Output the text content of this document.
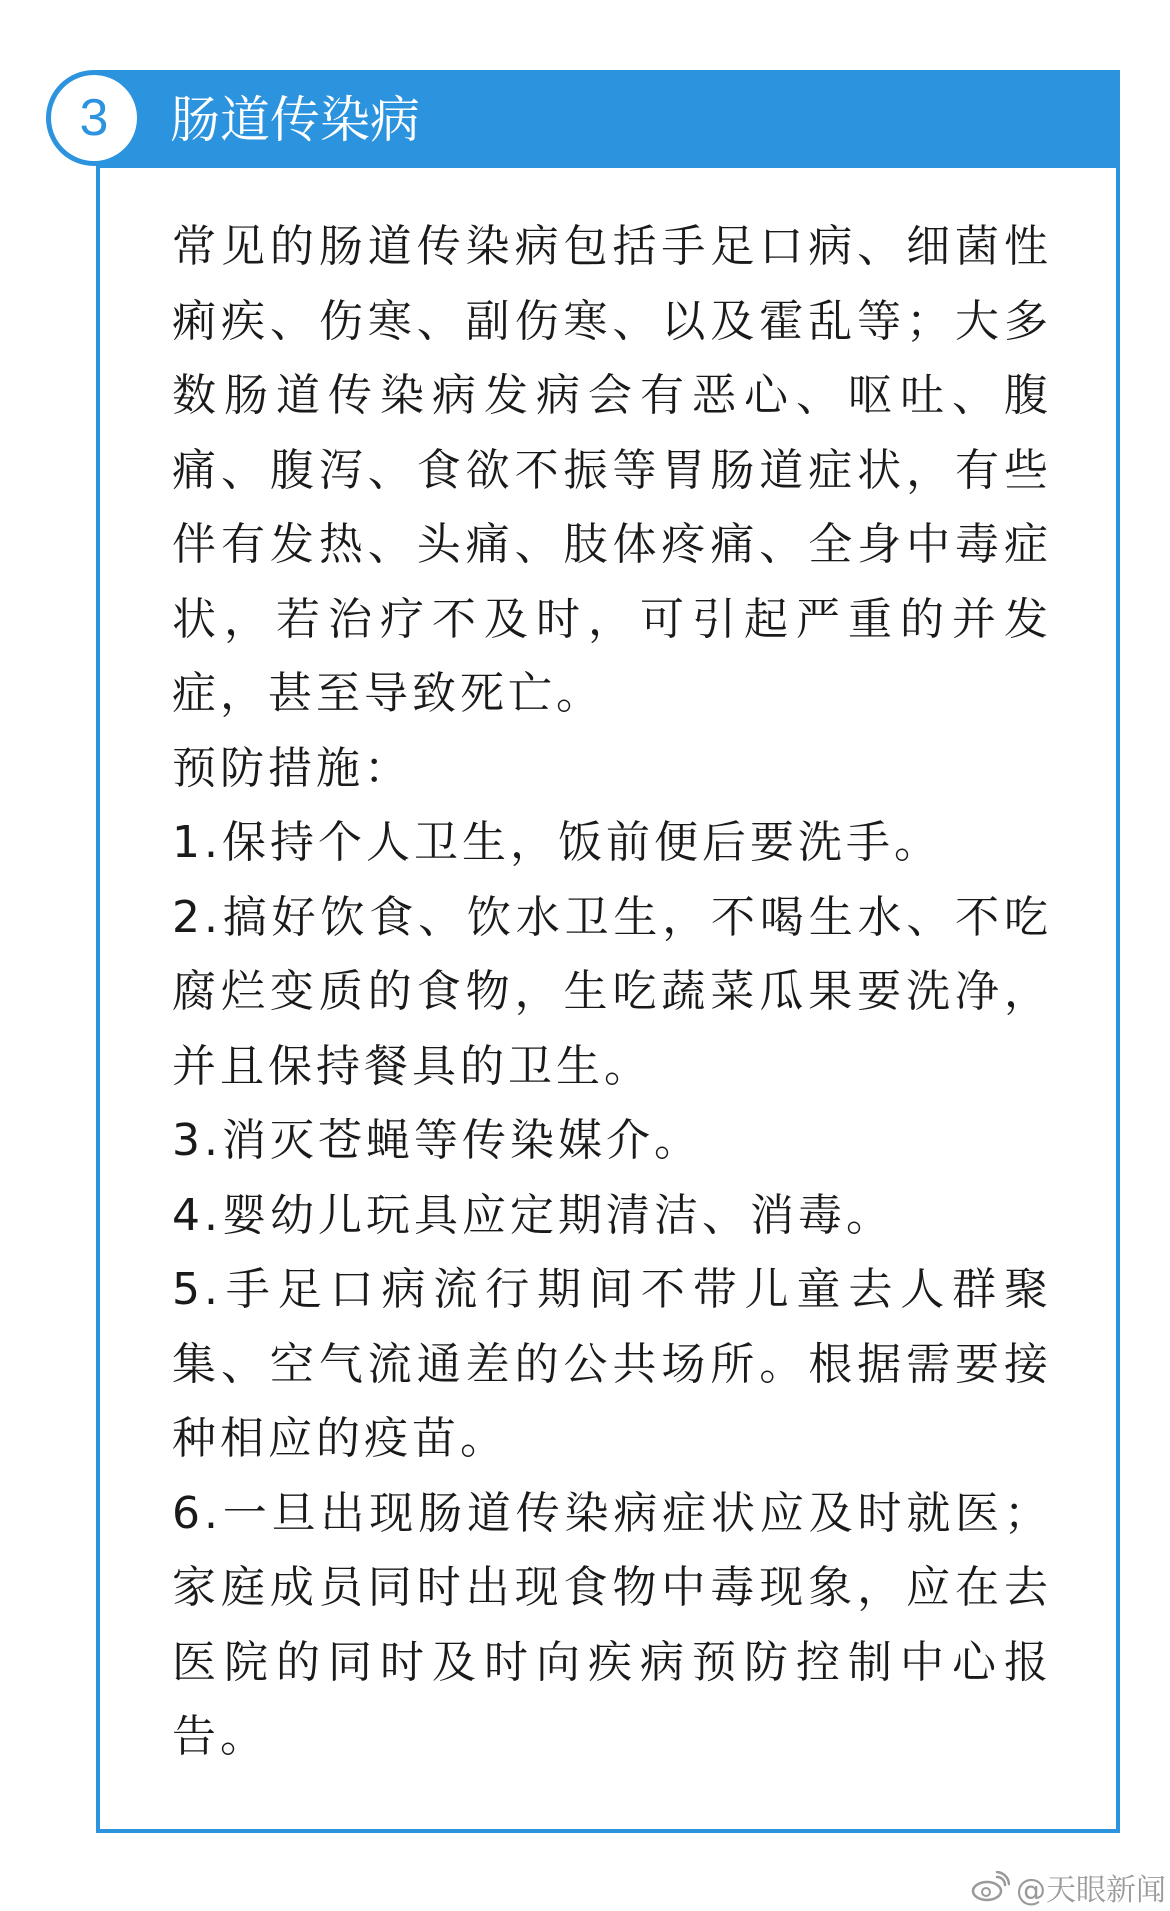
3 肠道传染病

常见的肠道传染病包括手足口病、细菌性痢疾、伤寒、副伤寒、以及霍乱等；大多数肠道传染病发病会有恶心、呕吐、腹痛、腹泻、食欲不振等胃肠道症状，有些伴有发热、头痛、肢体疼痛、全身中毒症状，若治疗不及时，可引起严重的并发症，甚至导致死亡。

预防措施：

1.保持个人卫生，饭前便后要洗手。

2.搞好饮食、饮水卫生，不喝生水、不吃腐烂变质的食物，生吃蔬菜瓜果要洗净，并且保持餐具的卫生。

3.消灭苍蝇等传染媒介。

4.婴幼儿玩具应定期清洁、消毒。

5.手足口病流行期间不带儿童去人群聚集、空气流通差的公共场所。根据需要接种相应的疫苗。

6.一旦出现肠道传染病症状应及时就医；家庭成员同时出现食物中毒现象，应在去医院的同时及时向疾病预防控制中心报告。

@天眼新闻
